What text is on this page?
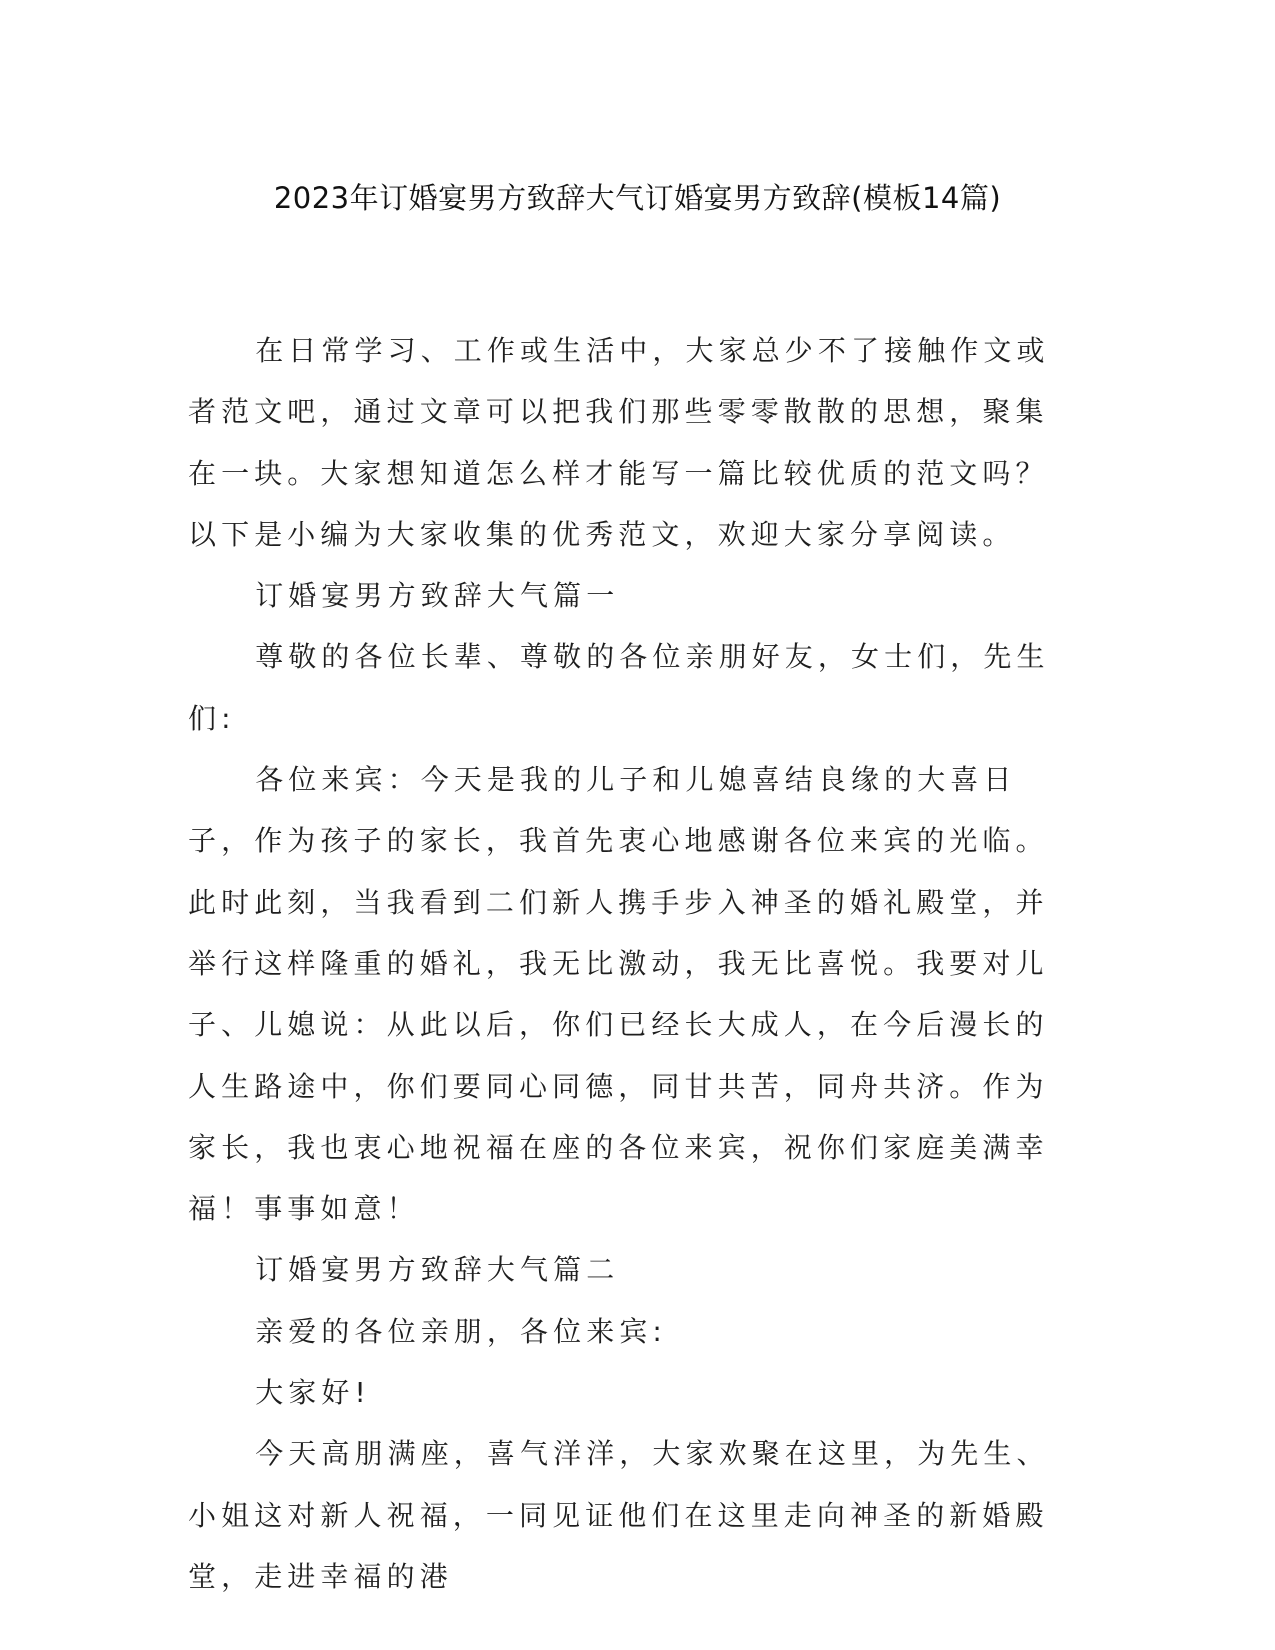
2023年订婚宴男方致辞大气订婚宴男方致辞(模板14篇)

在日常学习、工作或生活中，大家总少不了接触作文或者范文吧，通过文章可以把我们那些零零散散的思想，聚集在一块。大家想知道怎么样才能写一篇比较优质的范文吗？以下是小编为大家收集的优秀范文，欢迎大家分享阅读。

订婚宴男方致辞大气篇一

尊敬的各位长辈、尊敬的各位亲朋好友，女士们，先生们:

各位来宾：今天是我的儿子和儿媳喜结良缘的大喜日子，作为孩子的家长，我首先衷心地感谢各位来宾的光临。此时此刻，当我看到二们新人携手步入神圣的婚礼殿堂，并举行这样隆重的婚礼，我无比激动，我无比喜悦。我要对儿子、儿媳说：从此以后，你们已经长大成人，在今后漫长的人生路途中，你们要同心同德，同甘共苦，同舟共济。作为家长，我也衷心地祝福在座的各位来宾，祝你们家庭美满幸福！事事如意！

订婚宴男方致辞大气篇二

亲爱的各位亲朋，各位来宾:

大家好!

今天高朋满座，喜气洋洋，大家欢聚在这里，为先生、小姐这对新人祝福，一同见证他们在这里走向神圣的新婚殿堂，走进幸福的港
